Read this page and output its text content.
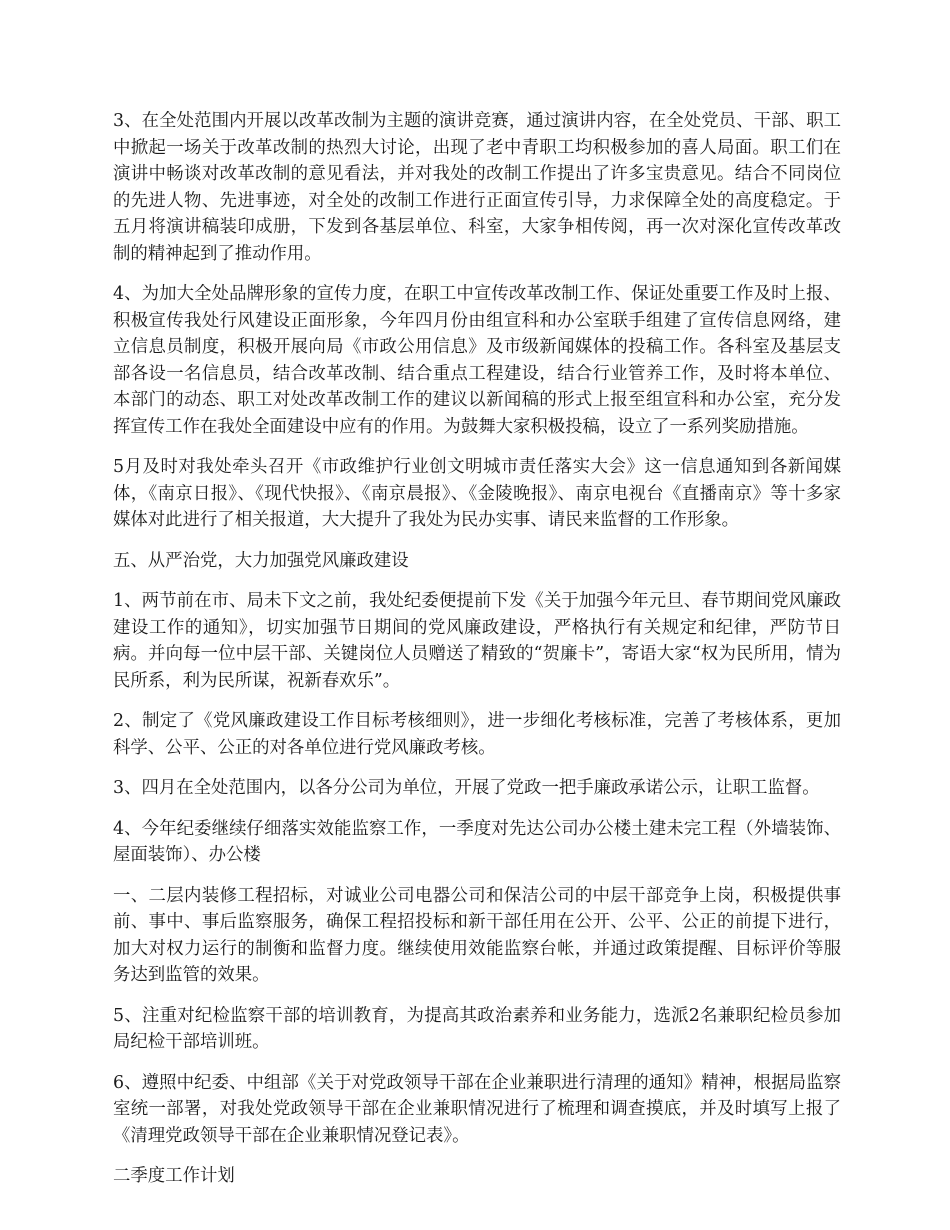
3、在全处范围内开展以改革改制为主题的演讲竞赛，通过演讲内容，在全处党员、干部、职工中掀起一场关于改革改制的热烈大讨论，出现了老中青职工均积极参加的喜人局面。职工们在演讲中畅谈对改革改制的意见看法，并对我处的改制工作提出了许多宝贵意见。结合不同岗位的先进人物、先进事迹，对全处的改制工作进行正面宣传引导，力求保障全处的高度稳定。于五月将演讲稿装印成册，下发到各基层单位、科室，大家争相传阅，再一次对深化宣传改革改制的精神起到了推动作用。

4、为加大全处品牌形象的宣传力度，在职工中宣传改革改制工作、保证处重要工作及时上报、积极宣传我处行风建设正面形象，今年四月份由组宣科和办公室联手组建了宣传信息网络，建立信息员制度，积极开展向局《市政公用信息》及市级新闻媒体的投稿工作。各科室及基层支部各设一名信息员，结合改革改制、结合重点工程建设，结合行业管养工作，及时将本单位、本部门的动态、职工对处改革改制工作的建议以新闻稿的形式上报至组宣科和办公室，充分发挥宣传工作在我处全面建设中应有的作用。为鼓舞大家积极投稿，设立了一系列奖励措施。

5月及时对我处牵头召开《市政维护行业创文明城市责任落实大会》这一信息通知到各新闻媒体，《南京日报》、《现代快报》、《南京晨报》、《金陵晚报》、南京电视台《直播南京》等十多家媒体对此进行了相关报道，大大提升了我处为民办实事、请民来监督的工作形象。

五、从严治党，大力加强党风廉政建设

1、两节前在市、局未下文之前，我处纪委便提前下发《关于加强今年元旦、春节期间党风廉政建设工作的通知》，切实加强节日期间的党风廉政建设，严格执行有关规定和纪律，严防节日病。并向每一位中层干部、关键岗位人员赠送了精致的“贺廉卡”，寄语大家“权为民所用，情为民所系，利为民所谋，祝新春欢乐”。

2、制定了《党风廉政建设工作目标考核细则》，进一步细化考核标准，完善了考核体系，更加科学、公平、公正的对各单位进行党风廉政考核。

3、四月在全处范围内，以各分公司为单位，开展了党政一把手廉政承诺公示，让职工监督。

4、今年纪委继续仔细落实效能监察工作，一季度对先达公司办公楼土建未完工程（外墙装饰、屋面装饰）、办公楼

一、二层内装修工程招标，对诚业公司电器公司和保洁公司的中层干部竞争上岗，积极提供事前、事中、事后监察服务，确保工程招投标和新干部任用在公开、公平、公正的前提下进行，加大对权力运行的制衡和监督力度。继续使用效能监察台帐，并通过政策提醒、目标评价等服务达到监管的效果。

5、注重对纪检监察干部的培训教育，为提高其政治素养和业务能力，选派2名兼职纪检员参加局纪检干部培训班。

6、遵照中纪委、中组部《关于对党政领导干部在企业兼职进行清理的通知》精神，根据局监察室统一部署，对我处党政领导干部在企业兼职情况进行了梳理和调查摸底，并及时填写上报了《清理党政领导干部在企业兼职情况登记表》。

二季度工作计划
